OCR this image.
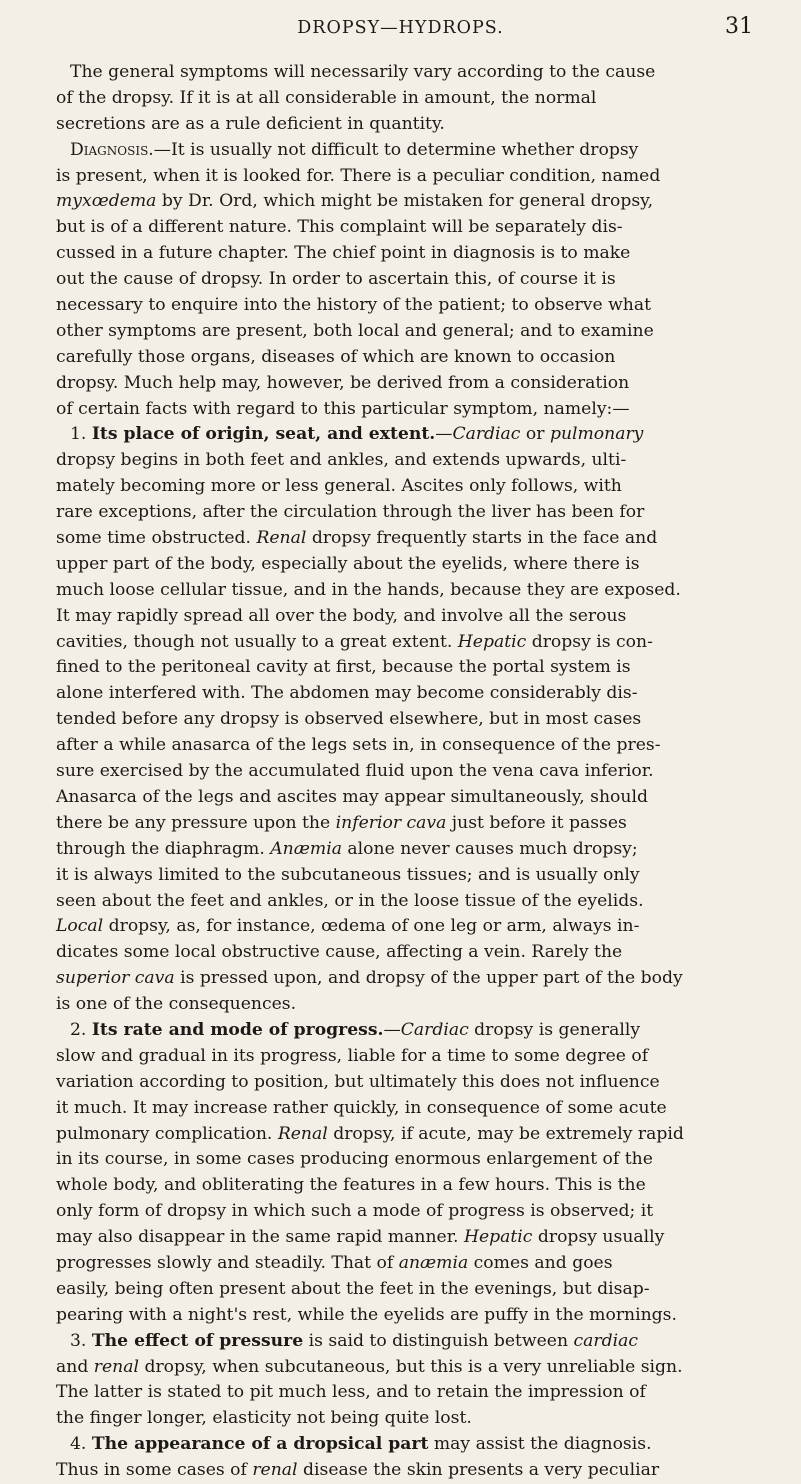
DROPSY—HYDROPS.	31
The general symptoms will necessarily vary according to the cause
of the dropsy. If it is at all considerable in amount, the normal
secretions are as a rule deficient in quantity.
Diagnosis.—It is usually not difficult to determine whether dropsy
is present, when it is looked for. There is a peculiar condition, named
myxœdema by Dr. Ord, which might be mistaken for general dropsy,
but is of a different nature. This complaint will be separately dis-
cussed in a future chapter. The chief point in diagnosis is to make
out the cause of dropsy. In order to ascertain this, of course it is
necessary to enquire into the history of the patient; to observe what
other symptoms are present, both local and general; and to examine
carefully those organs, diseases of which are known to occasion
dropsy. Much help may, however, be derived from a consideration
of certain facts with regard to this particular symptom, namely:—
1. Its place of origin, seat, and extent.—Cardiac or pulmonary
dropsy begins in both feet and ankles, and extends upwards, ulti-
mately becoming more or less general. Ascites only follows, with
rare exceptions, after the circulation through the liver has been for
some time obstructed. Renal dropsy frequently starts in the face and
upper part of the body, especially about the eyelids, where there is
much loose cellular tissue, and in the hands, because they are exposed.
It may rapidly spread all over the body, and involve all the serous
cavities, though not usually to a great extent. Hepatic dropsy is con-
fined to the peritoneal cavity at first, because the portal system is
alone interfered with. The abdomen may become considerably dis-
tended before any dropsy is observed elsewhere, but in most cases
after a while anasarca of the legs sets in, in consequence of the pres-
sure exercised by the accumulated fluid upon the vena cava inferior.
Anasarca of the legs and ascites may appear simultaneously, should
there be any pressure upon the inferior cava just before it passes
through the diaphragm. Anæmia alone never causes much dropsy;
it is always limited to the subcutaneous tissues; and is usually only
seen about the feet and ankles, or in the loose tissue of the eyelids.
Local dropsy, as, for instance, œdema of one leg or arm, always in-
dicates some local obstructive cause, affecting a vein. Rarely the
superior cava is pressed upon, and dropsy of the upper part of the body
is one of the consequences.
2. Its rate and mode of progress.—Cardiac dropsy is generally
slow and gradual in its progress, liable for a time to some degree of
variation according to position, but ultimately this does not influence
it much. It may increase rather quickly, in consequence of some acute
pulmonary complication. Renal dropsy, if acute, may be extremely rapid
in its course, in some cases producing enormous enlargement of the
whole body, and obliterating the features in a few hours. This is the
only form of dropsy in which such a mode of progress is observed; it
may also disappear in the same rapid manner. Hepatic dropsy usually
progresses slowly and steadily. That of anæmia comes and goes
easily, being often present about the feet in the evenings, but disap-
pearing with a night's rest, while the eyelids are puffy in the mornings.
3. The effect of pressure is said to distinguish between cardiac
and renal dropsy, when subcutaneous, but this is a very unreliable sign.
The latter is stated to pit much less, and to retain the impression of
the finger longer, elasticity not being quite lost.
4. The appearance of a dropsical part may assist the diagnosis.
Thus in some cases of renal disease the skin presents a very peculiar
